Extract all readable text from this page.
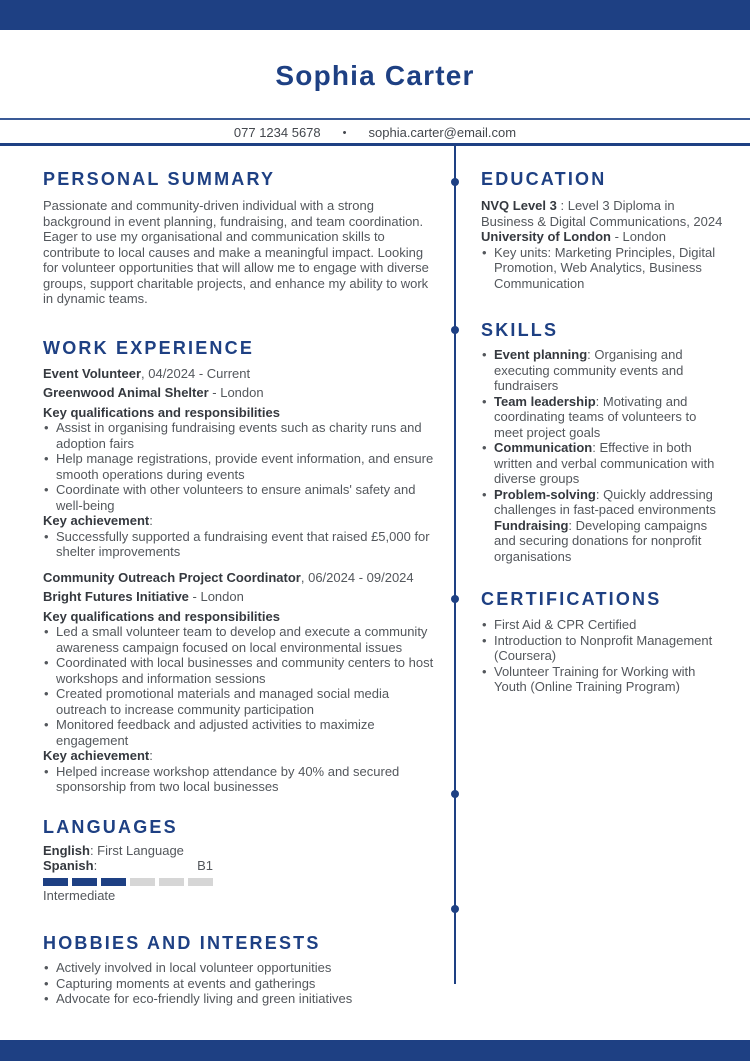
Sophia Carter
077 1234 5678 • sophia.carter@email.com
PERSONAL SUMMARY

Passionate and community-driven individual with a strong background in event planning, fundraising, and team coordination. Eager to use my organisational and communication skills to contribute to local causes and make a meaningful impact. Looking for volunteer opportunities that will allow me to engage with diverse groups, support charitable projects, and enhance my ability to work in dynamic teams.

WORK EXPERIENCE

Event Volunteer, 04/2024 - Current

Greenwood Animal Shelter - London

Key qualifications and responsibilities

•
Assist in organising fundraising events such as charity runs and adoption fairs
•
Help manage registrations, provide event information, and ensure smooth operations during events
•
Coordinate with other volunteers to ensure animals' safety and well-being

Key achievement:

•
Successfully supported a fundraising event that raised £5,000 for shelter improvements

Community Outreach Project Coordinator, 06/2024 - 09/2024

Bright Futures Initiative - London

Key qualifications and responsibilities

•
Led a small volunteer team to develop and execute a community awareness campaign focused on local environmental issues
•
Coordinated with local businesses and community centers to host workshops and information sessions
•
Created promotional materials and managed social media outreach to increase community participation
•
Monitored feedback and adjusted activities to maximize engagement

Key achievement:

•
Helped increase workshop attendance by 40% and secured sponsorship from two local businesses
LANGUAGES

English: First Language

Spanish:	B1

Intermediate

HOBBIES AND INTERESTS
•
Actively involved in local volunteer opportunities
•
Capturing moments at events and gatherings
•
Advocate for eco-friendly living and green initiatives
EDUCATION

NVQ Level 3 : Level 3 Diploma in Business & Digital Communications, 2024

University of London - London

•
Key units: Marketing Principles, Digital Promotion, Web Analytics, Business Communication
SKILLS
•
Event planning: Organising and executing community events and fundraisers
•
Team leadership: Motivating and coordinating teams of volunteers to meet project goals
•
Communication: Effective in both written and verbal communication with diverse groups
•
Problem-solving: Quickly addressing challenges in fast-paced environments
Fundraising: Developing campaigns and securing donations for nonprofit organisations
CERTIFICATIONS
•
First Aid & CPR Certified
•
Introduction to Nonprofit Management (Coursera)
•
Volunteer Training for Working with Youth (Online Training Program)
